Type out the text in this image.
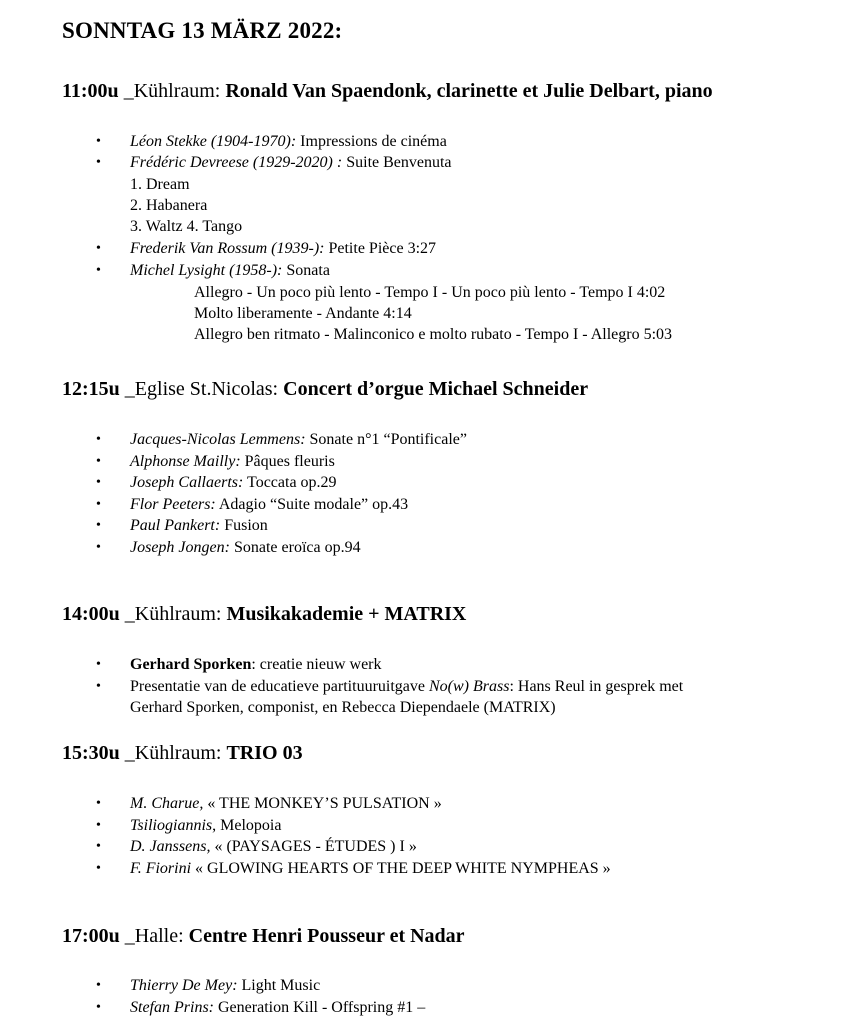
SONNTAG 13 MÄRZ 2022:
11:00u _Kühlraum: Ronald Van Spaendonk, clarinette et Julie Delbart, piano
• Léon Stekke (1904-1970): Impressions de cinéma
• Frédéric Devreese (1929-2020) : Suite Benvenuta
1. Dream
2. Habanera
3. Waltz 4. Tango
• Frederik Van Rossum (1939-): Petite Pièce 3:27
• Michel Lysight (1958-): Sonata
Allegro - Un poco più lento - Tempo I - Un poco più lento - Tempo I 4:02
Molto liberamente - Andante 4:14
Allegro ben ritmato - Malinconico e molto rubato - Tempo I - Allegro 5:03
12:15u _Eglise St.Nicolas: Concert d’orgue Michael Schneider
• Jacques-Nicolas Lemmens: Sonate n°1 “Pontificale”
• Alphonse Mailly: Pâques fleuris
• Joseph Callaerts: Toccata op.29
• Flor Peeters: Adagio “Suite modale” op.43
• Paul Pankert: Fusion
• Joseph Jongen: Sonate eroïca op.94
14:00u _Kühlraum: Musikakademie + MATRIX
• Gerhard Sporken: creatie nieuw werk
• Presentatie van de educatieve partituuruitgave No(w) Brass: Hans Reul in gesprek met
Gerhard Sporken, componist, en Rebecca Diependaele (MATRIX)
15:30u _Kühlraum: TRIO 03
• M. Charue, « THE MONKEY’S PULSATION »
• Tsiliogiannis, Melopoia
• D. Janssens, « (PAYSAGES - ÉTUDES ) I »
• F. Fiorini « GLOWING HEARTS OF THE DEEP WHITE NYMPHEAS »
17:00u _Halle: Centre Henri Pousseur et Nadar
• Thierry De Mey: Light Music
• Stefan Prins: Generation Kill - Offspring #1 –
